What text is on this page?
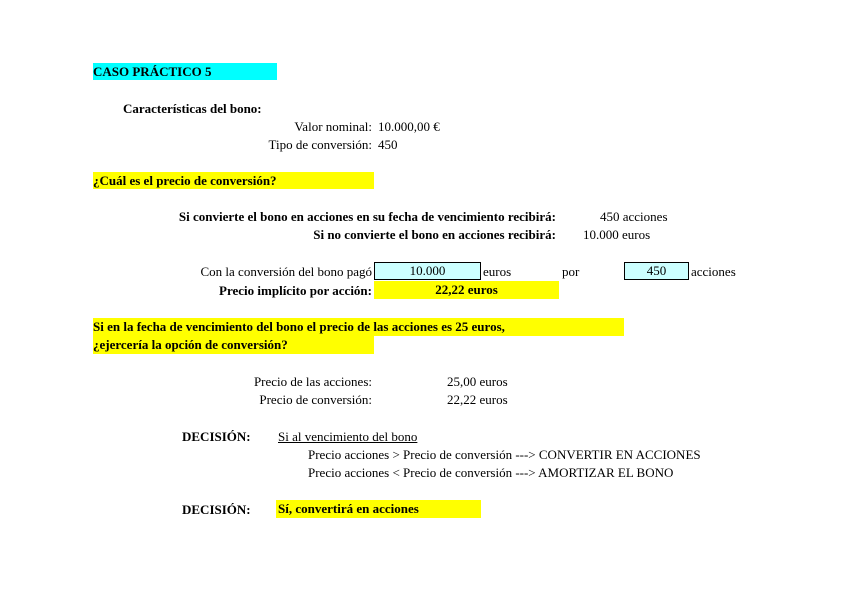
CASO PRÁCTICO 5
Características del bono:
Valor nominal: 10.000,00 €
Tipo de conversión: 450
¿Cuál es el precio de conversión?
Si convierte el bono en acciones en su fecha de vencimiento recibirá:	450 acciones
Si no convierte el bono en acciones recibirá: 10.000 euros
Con la conversión del bono pagó	10.000	euros	por	450	acciones
Precio implícito por acción:	22,22 euros
Si en la fecha de vencimiento del bono el precio de las acciones es 25 euros,
¿ejercería la opción de conversión?
Precio de las acciones:	25,00 euros
Precio de conversión:	22,22 euros
DECISIÓN: Si al vencimiento del bono
Precio acciones > Precio de conversión ---> CONVERTIR EN ACCIONES
Precio acciones < Precio de conversión ---> AMORTIZAR EL BONO
DECISIÓN: Sí, convertirá en acciones
